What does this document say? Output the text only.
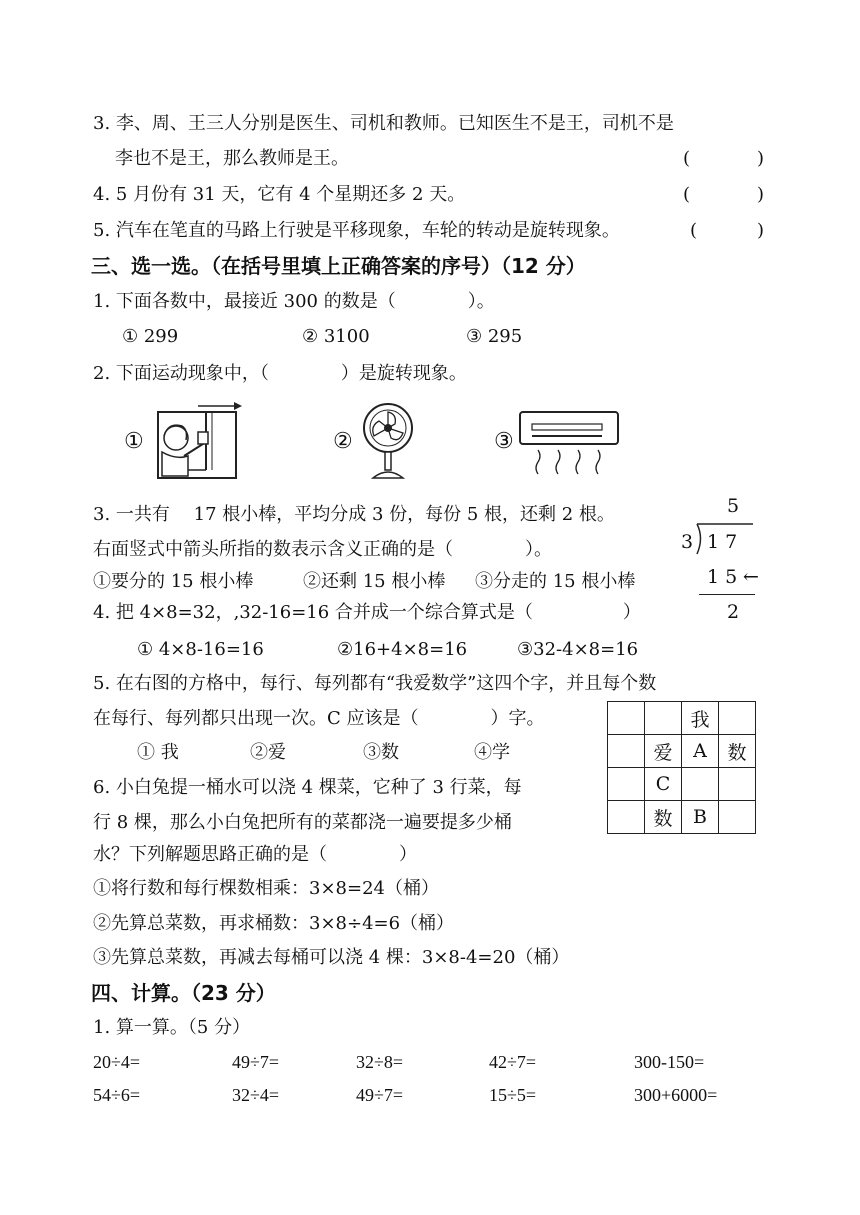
3. 李、周、王三人分别是医生、司机和教师。已知医生不是王，司机不是
李也不是王，那么教师是王。	(	)
4. 5 月份有 31 天，它有 4 个星期还多 2 天。	(	)
5. 汽车在笔直的马路上行驶是平移现象，车轮的转动是旋转现象。	(	)
三、选一选。（在括号里填上正确答案的序号）（12 分）
1. 下面各数中，最接近 300 的数是（　　　　）。
① 299	② 3100	③ 295
2. 下面运动现象中，（　　　　）是旋转现象。
①	②	③
3. 一共有　 17 根小棒，平均分成 3 份，每份 5 根，还剩 2 根。
右面竖式中箭头所指的数表示含义正确的是（　　　　）。
①要分的 15 根小棒	②还剩 15 根小棒 ③分走的 15 根小棒
5
3 1 7
1 5 ←
2
4. 把 4×8=32，,32-16=16 合并成一个综合算式是（　　　　　）
① 4×8-16=16	②16+4×8=16	③32-4×8=16
5. 在右图的方格中，每行、每列都有“我爱数学”这四个字，并且每个数
在每行、每列都只出现一次。C 应该是（　　　　）字。
① 我	②爱	③数	④学
		我	
	爱	A	数
	C		
	数	B	
6. 小白兔提一桶水可以浇 4 棵菜，它种了 3 行菜，每
行 8 棵，那么小白兔把所有的菜都浇一遍要提多少桶
水？下列解题思路正确的是（　　　　）
①将行数和每行棵数相乘：3×8=24（桶）
②先算总菜数，再求桶数：3×8÷4=6（桶）
③先算总菜数，再减去每桶可以浇 4 棵：3×8-4=20（桶）
四、计算。（23 分）
1. 算一算。（5 分）
20÷4=	49÷7=	32÷8=	42÷7=	300-150=
54÷6=	32÷4=	49÷7=	15÷5=	300+6000=
